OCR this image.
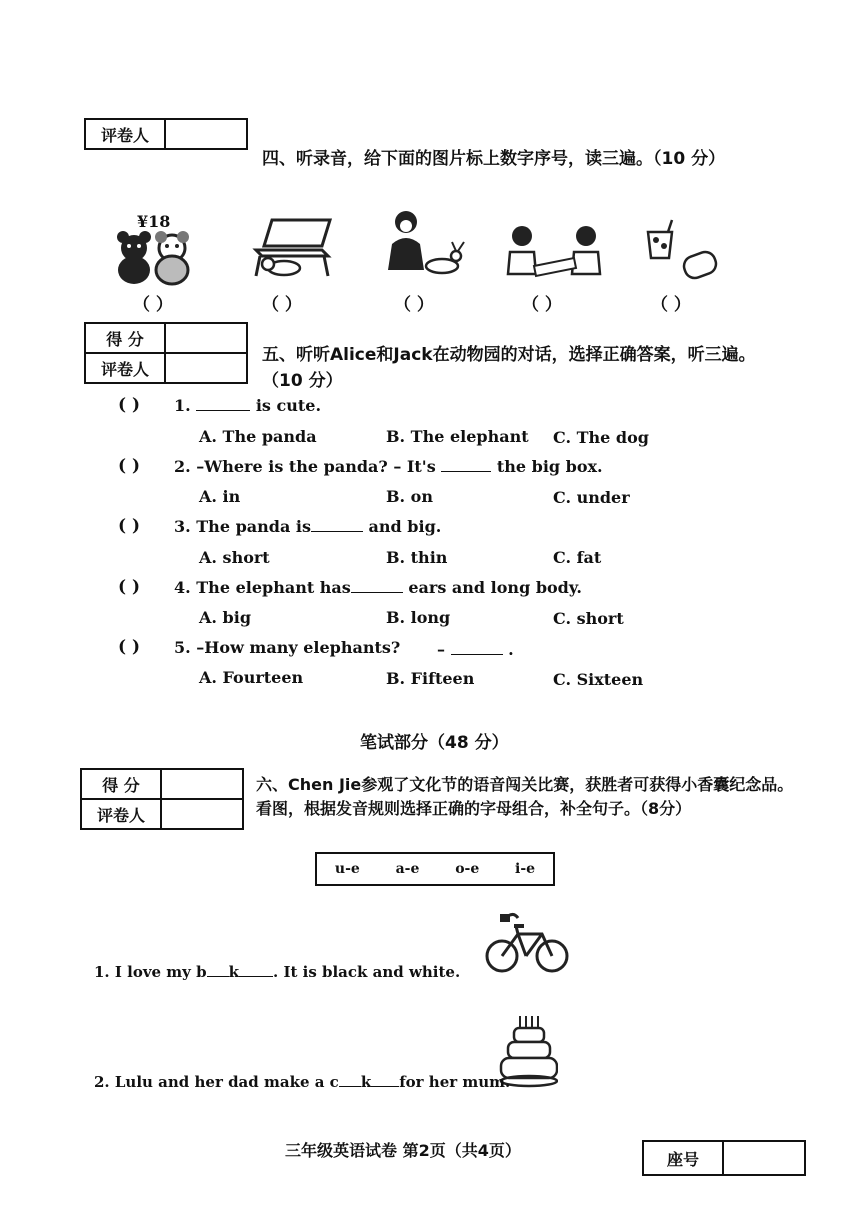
评卷人	
四、听录音，给下面的图片标上数字序号，读三遍。（10 分）
¥18
（ ）	（ ）	（ ）	（ ）	（ ）
得 分	
评卷人	
五、听听Alice和Jack在动物园的对话，选择正确答案，听三遍。
（10 分）
( ) 1.	is cute.
A. The panda	B. The elephant C. The dog
( ) 2. –Where is the panda? – It's	the big box.
A. in	B. on	C. under
( ) 3. The panda is	and big.
A. short	B. thin	C. fat
( ) 4. The elephant has	ears and long body.
A. big	B. long	C. short
( ) 5. –How many elephants? –	.
A. Fourteen	B. Fifteen	C. Sixteen
笔试部分（48 分）
得 分	
评卷人	
六、Chen Jie参观了文化节的语音闯关比赛，获胜者可获得小香囊纪念品。
看图，根据发音规则选择正确的字母组合，补全句子。（8分）
u-e	a-e	o-e	i-e
1. I love my b k . It is black and white.
2. Lulu and her dad make a c k for her mum.
三年级英语试卷 第2页（共4页）	座号	
